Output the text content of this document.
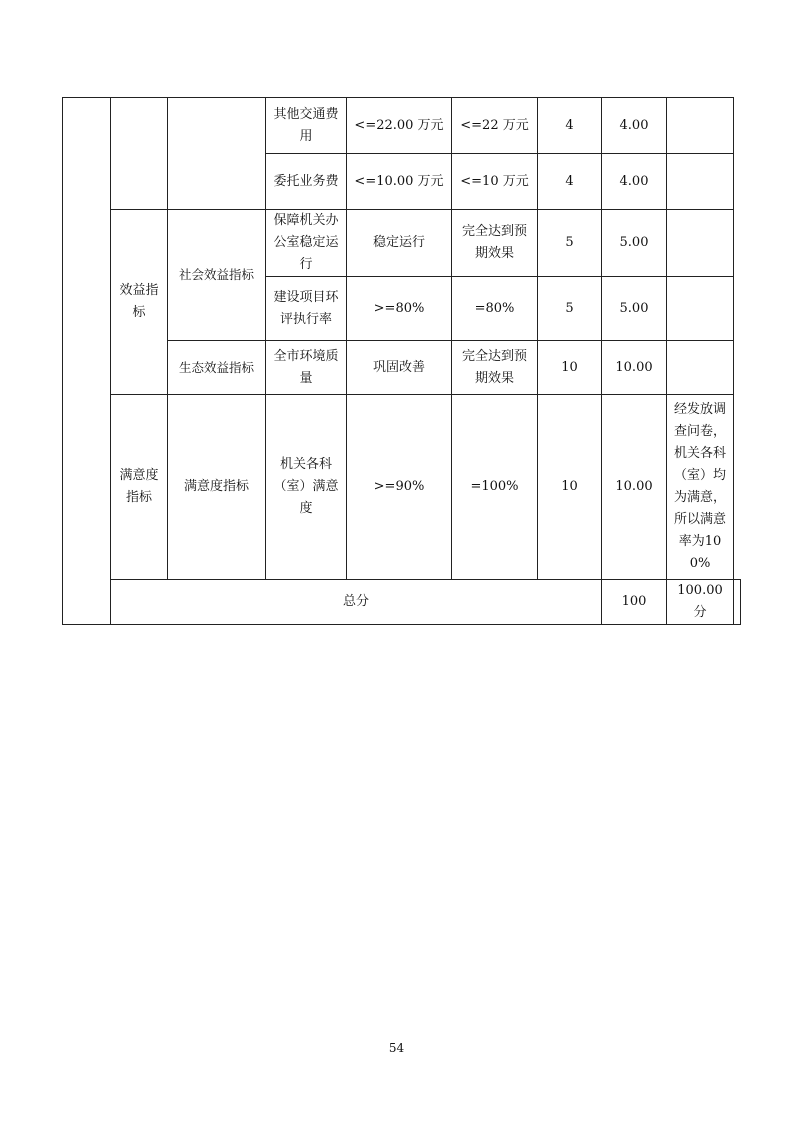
			其他交通费用	<=22.00 万元	<=22 万元	4	4.00		
			委托业务费	<=10.00 万元	<=10 万元	4	4.00		
	效益指标	社会效益指标	保障机关办公室稳定运行	稳定运行	完全达到预期效果	5	5.00		
			建设项目环评执行率	>=80%	=80%	5	5.00		
		生态效益指标	全市环境质量	巩固改善	完全达到预期效果	10	10.00		
	满意度指标	满意度指标	机关各科（室）满意度	>=90%	=100%	10	10.00	经发放调查问卷，机关各科（室）均为满意，所以满意率为100%	
	总分						100	100.00分	
54
